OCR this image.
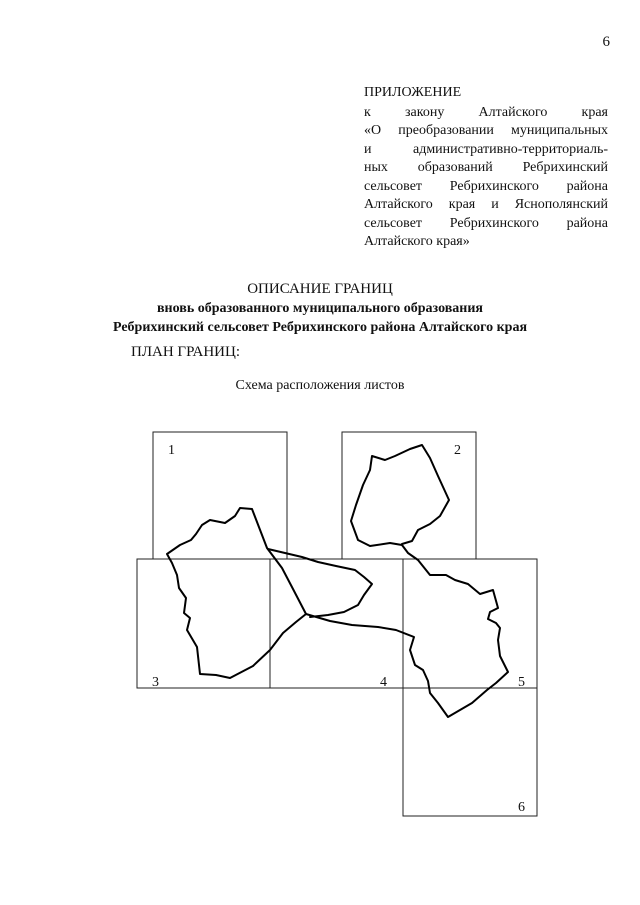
6
ПРИЛОЖЕНИЕ
к закону Алтайского края
«О преобразовании муниципальных
и административно-территориаль-
ных образований Ребрихинский
сельсовет Ребрихинского района
Алтайского края и Яснополянский
сельсовет Ребрихинского района
Алтайского края»
ОПИСАНИЕ ГРАНИЦ
вновь образованного муниципального образования
Ребрихинский сельсовет Ребрихинского района Алтайского края
ПЛАН ГРАНИЦ:
Схема расположения листов
1	2
3	4	5
6
